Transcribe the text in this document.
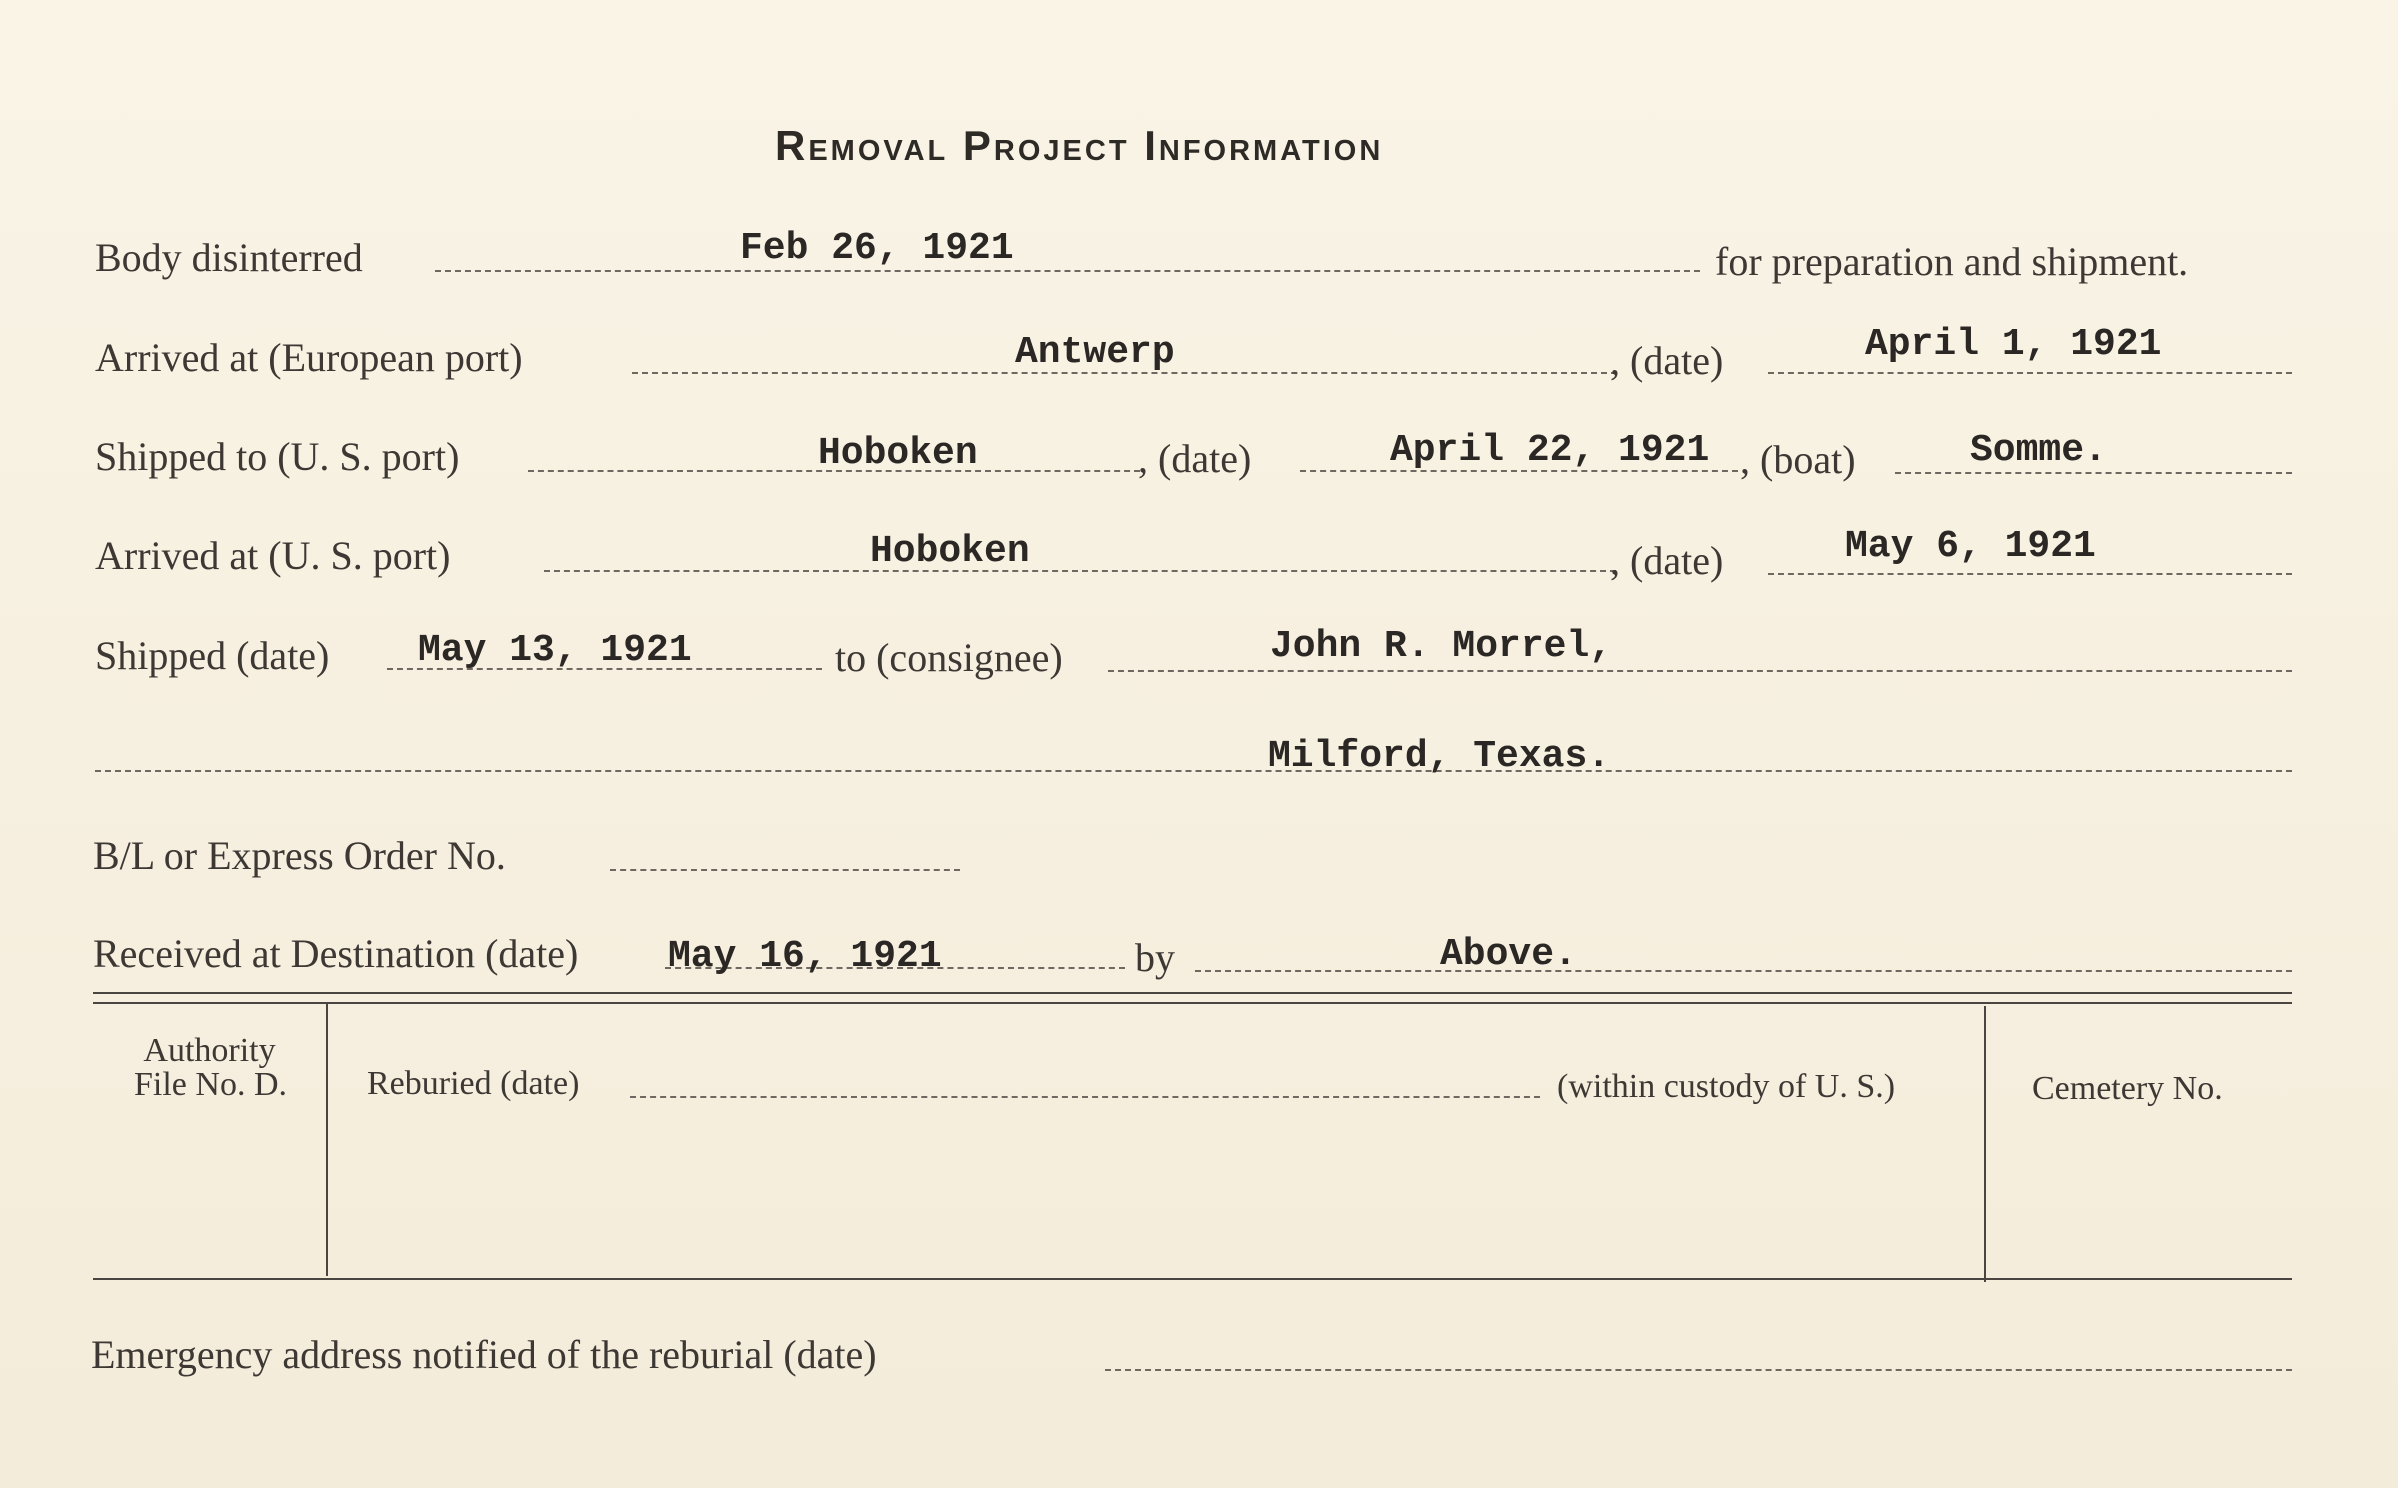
Removal Project Information
Body disinterred	Feb 26, 1921	for preparation and shipment.
Arrived at (European port)	Antwerp	, (date)	April 1, 1921
Shipped to (U. S. port)	Hoboken	, (date)	April 22, 1921 , (boat)	Somme.
Arrived at (U. S. port)	Hoboken	, (date)	May 6, 1921
Shipped (date) May 13, 1921	to (consignee)	John R. Morrel,
Milford, Texas.
B/L or Express Order No.
Received at Destination (date) May 16, 1921	by	Above.
Authority
File No. D.	Reburied (date)	(within custody of U. S.)	Cemetery No.
Emergency address notified of the reburial (date)
